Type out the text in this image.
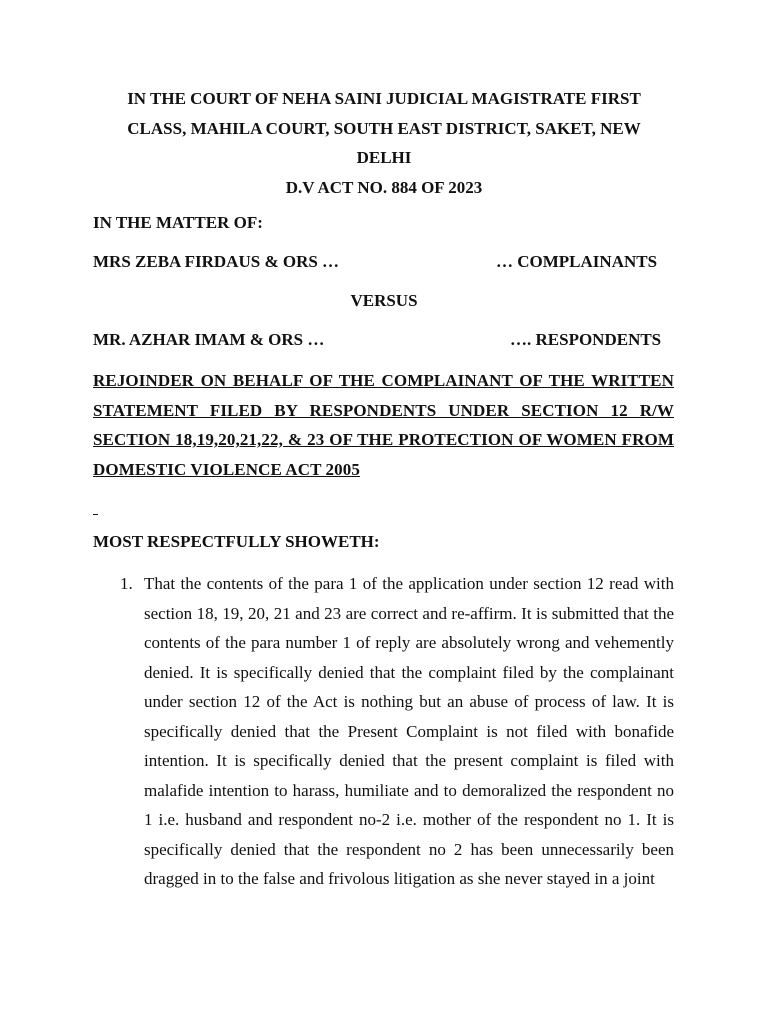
IN THE COURT OF NEHA SAINI JUDICIAL MAGISTRATE FIRST
CLASS, MAHILA COURT, SOUTH EAST DISTRICT, SAKET, NEW
DELHI
D.V ACT NO. 884 OF 2023
IN THE MATTER OF:
MRS ZEBA FIRDAUS & ORS …	… COMPLAINANTS
VERSUS
MR. AZHAR IMAM & ORS …	…. RESPONDENTS
REJOINDER ON BEHALF OF THE COMPLAINANT OF THE WRITTEN STATEMENT FILED BY RESPONDENTS UNDER SECTION 12 R/W SECTION 18,19,20,21,22, & 23 OF THE PROTECTION OF WOMEN FROM DOMESTIC VIOLENCE ACT 2005
MOST RESPECTFULLY SHOWETH:
1. That the contents of the para 1 of the application under section 12 read with section 18, 19, 20, 21 and 23 are correct and re-affirm. It is submitted that the contents of the para number 1 of reply are absolutely wrong and vehemently denied. It is specifically denied that the complaint filed by the complainant under section 12 of the Act is nothing but an abuse of process of law. It is specifically denied that the Present Complaint is not filed with bonafide intention. It is specifically denied that the present complaint is filed with malafide intention to harass, humiliate and to demoralized the respondent no 1 i.e. husband and respondent no-2 i.e. mother of the respondent no 1. It is specifically denied that the respondent no 2 has been unnecessarily been dragged in to the false and frivolous litigation as she never stayed in a joint
